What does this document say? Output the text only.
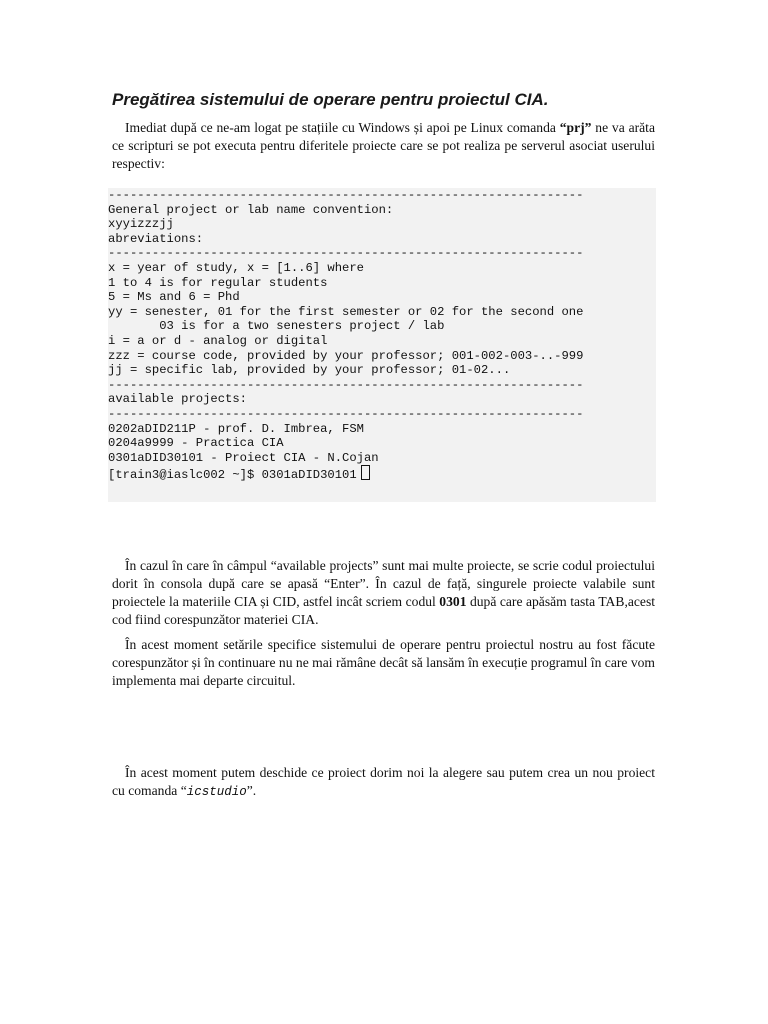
Pregătirea sistemului de operare pentru proiectul CIA.

Imediat după ce ne-am logat pe stațiile cu Windows și apoi pe Linux comanda “prj” ne va arăta ce scripturi se pot executa pentru diferitele proiecte care se pot realiza pe serverul asociat userului respectiv:

-----------------------------------------------------------------
General project or lab name convention:
xyyizzzjj
abreviations:
-----------------------------------------------------------------
x = year of study, x = [1..6] where
1 to 4 is for regular students
5 = Ms and 6 = Phd
yy = senester, 01 for the first semester or 02 for the second one
03 is for a two senesters project / lab
i = a or d - analog or digital
zzz = course code, provided by your professor; 001-002-003-..-999
jj = specific lab, provided by your professor; 01-02...
-----------------------------------------------------------------
available projects:
-----------------------------------------------------------------
0202aDID211P - prof. D. Imbrea, FSM
0204a9999 - Practica CIA
0301aDID30101 - Proiect CIA - N.Cojan
[train3@iaslc002 ~]$ 0301aDID30101

În cazul în care în câmpul “available projects” sunt mai multe proiecte, se scrie codul proiectului dorit în consola după care se apasă “Enter”. În cazul de față, singurele proiecte valabile sunt proiectele la materiile CIA și CID, astfel incât scriem codul 0301 după care apăsăm tasta TAB,acest cod fiind corespunzător materiei CIA.

În acest moment setările specifice sistemului de operare pentru proiectul nostru au fost făcute corespunzător și în continuare nu ne mai rămâne decât să lansăm în execuție programul în care vom implementa mai departe circuitul.

În acest moment putem deschide ce proiect dorim noi la alegere sau putem crea un nou proiect cu comanda “icstudio”.
